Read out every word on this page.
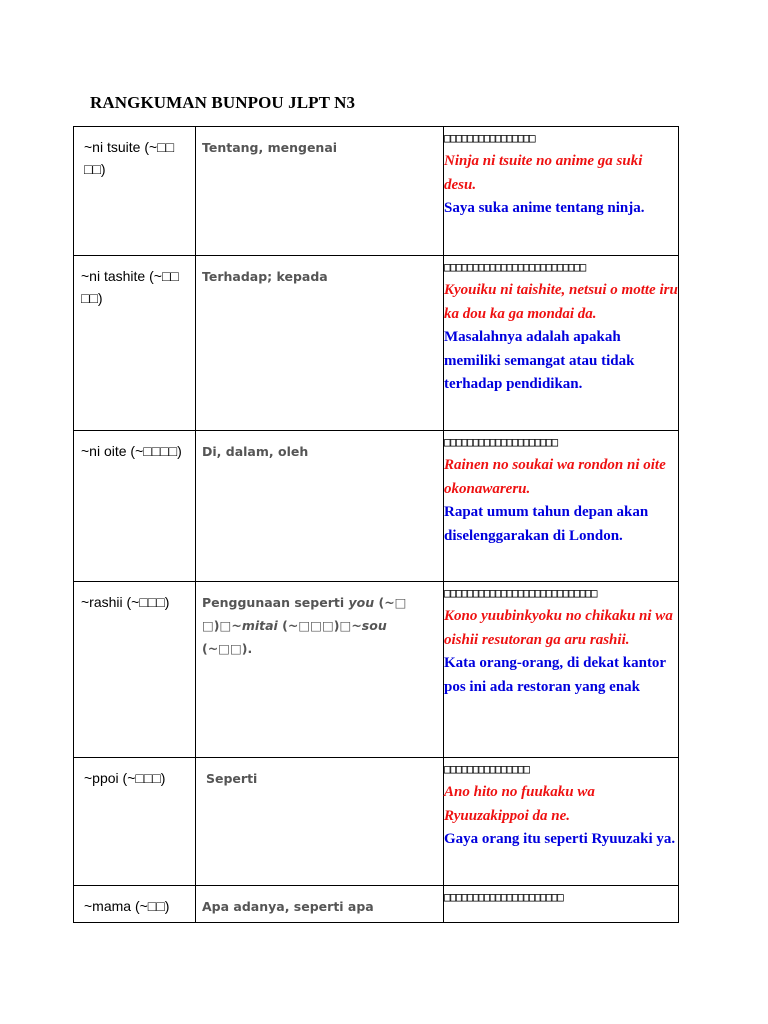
RANGKUMAN BUNPOU JLPT N3
~ni tsuite (~□□ □□)	Tentang, mengenai	□□□□□□□□□□□□□□□□
Ninja ni tsuite no anime ga suki desu.
Saya suka anime tentang ninja.

~ni tashite (~□□ □□)	Terhadap; kepada	□□□□□□□□□□□□□□□□□□□□□□□□□
Kyouiku ni taishite, netsui o motte iru ka dou ka ga mondai da.
Masalahnya adalah apakah memiliki semangat atau tidak terhadap pendidikan.

~ni oite (~□□□□)	Di, dalam, oleh	□□□□□□□□□□□□□□□□□□□□
Rainen no soukai wa rondon ni oite okonawareru.
Rapat umum tahun depan akan diselenggarakan di London.

~rashii (~□□□)	Penggunaan seperti you (~□ □)□~mitai (~□□□)□~sou (~□□).	□□□□□□□□□□□□□□□□□□□□□□□□□□□
Kono yuubinkyoku no chikaku ni wa oishii resutoran ga aru rashii.
Kata orang-orang, di dekat kantor pos ini ada restoran yang enak

~ppoi (~□□□)	Seperti	□□□□□□□□□□□□□□□
Ano hito no fuukaku wa Ryuuzakippoi da ne.
Gaya orang itu seperti Ryuuzaki ya.

~mama (~□□)	Apa adanya, seperti apa	□□□□□□□□□□□□□□□□□□□□□
